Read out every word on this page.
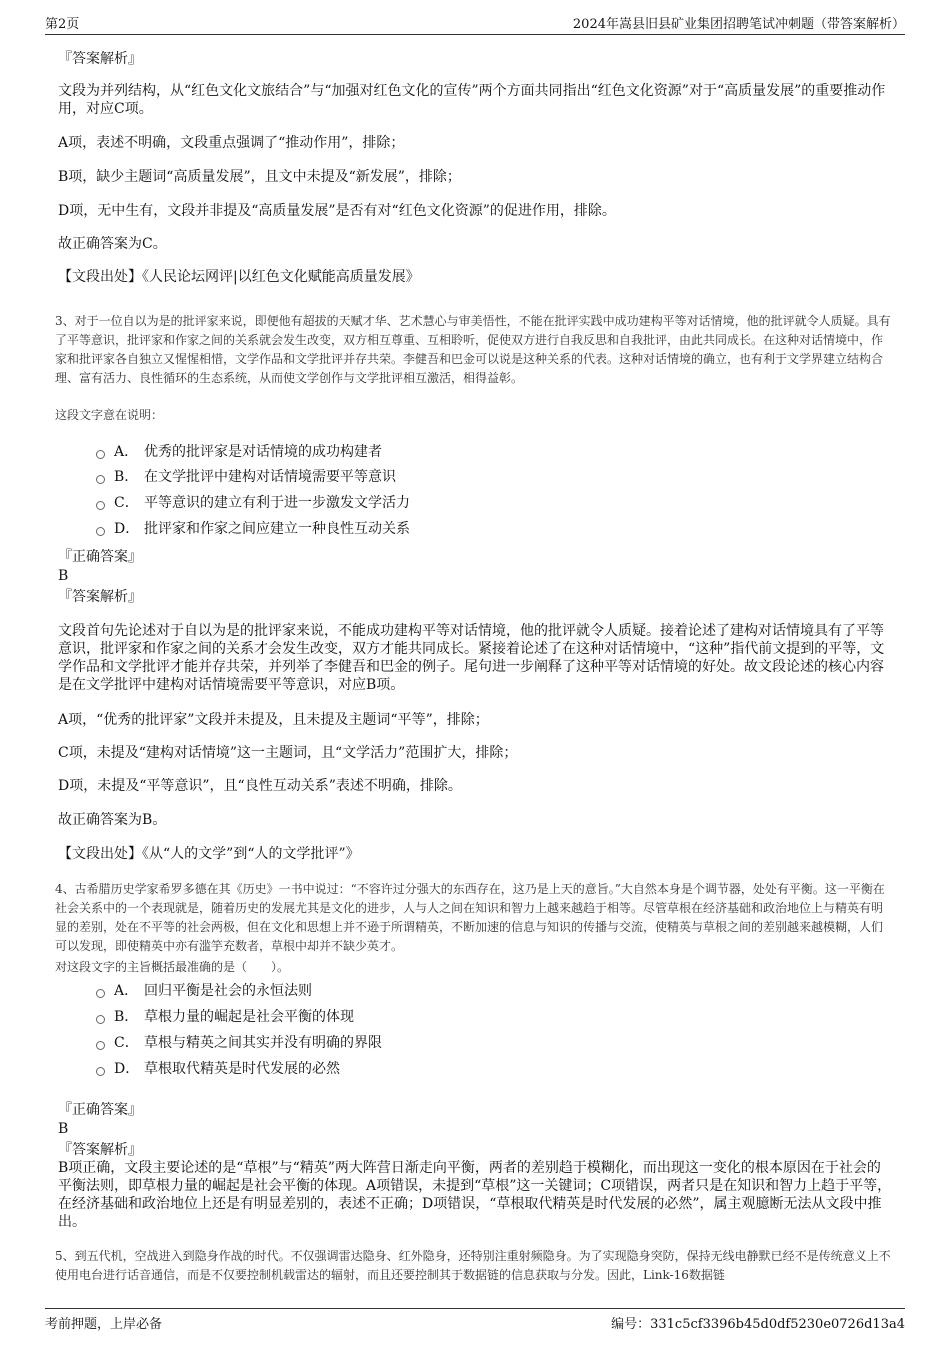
第2页	2024年嵩县旧县矿业集团招聘笔试冲刺题（带答案解析）

『答案解析』

文段为并列结构，从“红色文化文旅结合”与“加强对红色文化的宣传”两个方面共同指出“红色文化资源”对于“高质量发展”的重要推动作用，对应C项。

A项，表述不明确，文段重点强调了“推动作用”，排除；

B项，缺少主题词“高质量发展”，且文中未提及“新发展”，排除；

D项，无中生有，文段并非提及“高质量发展”是否有对“红色文化资源”的促进作用，排除。

故正确答案为C。

【文段出处】《人民论坛网评|以红色文化赋能高质量发展》

3、对于一位自以为是的批评家来说，即便他有超拔的天赋才华、艺术慧心与审美悟性，不能在批评实践中成功建构平等对话情境，他的批评就令人质疑。具有了平等意识，批评家和作家之间的关系就会发生改变，双方相互尊重、互相聆听，促使双方进行自我反思和自我批评，由此共同成长。在这种对话情境中，作家和批评家各自独立又惺惺相惜，文学作品和文学批评并存共荣。李健吾和巴金可以说是这种关系的代表。这种对话情境的确立，也有利于文学界建立结构合理、富有活力、良性循环的生态系统，从而使文学创作与文学批评相互激活，相得益彰。

这段文字意在说明：

A． 优秀的批评家是对话情境的成功构建者
B． 在文学批评中建构对话情境需要平等意识
C． 平等意识的建立有利于进一步激发文学活力
D． 批评家和作家之间应建立一种良性互动关系

『正确答案』

B

『答案解析』

文段首句先论述对于自以为是的批评家来说，不能成功建构平等对话情境，他的批评就令人质疑。接着论述了建构对话情境具有了平等意识，批评家和作家之间的关系才会发生改变，双方才能共同成长。紧接着论述了在这种对话情境中，“这种”指代前文提到的平等，文学作品和文学批评才能并存共荣，并列举了李健吾和巴金的例子。尾句进一步阐释了这种平等对话情境的好处。故文段论述的核心内容是在文学批评中建构对话情境需要平等意识，对应B项。

A项，“优秀的批评家”文段并未提及，且未提及主题词“平等”，排除；

C项，未提及“建构对话情境”这一主题词，且“文学活力”范围扩大，排除；

D项，未提及“平等意识”，且“良性互动关系”表述不明确，排除。

故正确答案为B。

【文段出处】《从“人的文学”到“人的文学批评”》

4、古希腊历史学家希罗多德在其《历史》一书中说过：“不容许过分强大的东西存在，这乃是上天的意旨。”大自然本身是个调节器，处处有平衡。这一平衡在社会关系中的一个表现就是，随着历史的发展尤其是文化的进步，人与人之间在知识和智力上越来越趋于相等。尽管草根在经济基础和政治地位上与精英有明显的差别，处在不平等的社会两极，但在文化和思想上并不逊于所谓精英，不断加速的信息与知识的传播与交流，使精英与草根之间的差别越来越模糊，人们可以发现，即使精英中亦有滥竽充数者，草根中却并不缺少英才。

对这段文字的主旨概括最准确的是（　　）。

A． 回归平衡是社会的永恒法则
B． 草根力量的崛起是社会平衡的体现
C． 草根与精英之间其实并没有明确的界限
D． 草根取代精英是时代发展的必然

『正确答案』

B

『答案解析』

B项正确，文段主要论述的是“草根”与“精英”两大阵营日渐走向平衡，两者的差别趋于模糊化，而出现这一变化的根本原因在于社会的平衡法则，即草根力量的崛起是社会平衡的体现。A项错误，未提到“草根”这一关键词；C项错误，两者只是在知识和智力上趋于平等，在经济基础和政治地位上还是有明显差别的，表述不正确；D项错误，“草根取代精英是时代发展的必然”，属主观臆断无法从文段中推出。

5、到五代机，空战进入到隐身作战的时代。不仅强调雷达隐身、红外隐身，还特别注重射频隐身。为了实现隐身突防，保持无线电静默已经不是传统意义上不使用电台进行话音通信，而是不仅要控制机载雷达的辐射，而且还要控制其于数据链的信息获取与分发。因此，Link-16数据链

考前押题，上岸必备	编号：331c5cf3396b45d0df5230e0726d13a4
